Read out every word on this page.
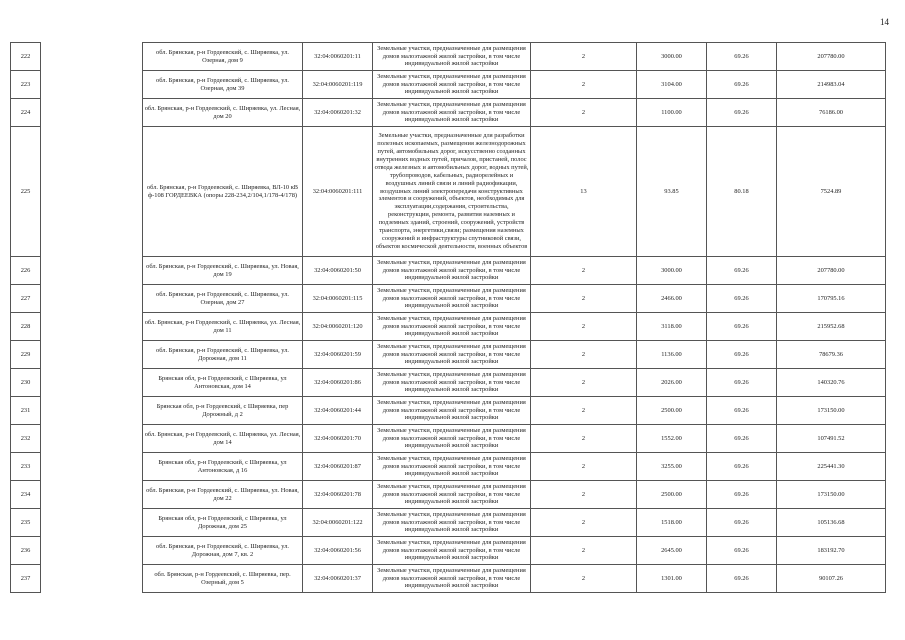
14
222		обл. Брянская, р-н Гордеевский, с. Ширяевка, ул. Озерная, дом 9	32:04:0060201:11	Земельные участки, предназначенные для размещения домов малоэтажной жилой застройки, в том числе индивидуальной жилой застройки	2	3000.00	69.26	207780.00
223		обл. Брянская, р-н Гордеевский, с. Ширяевка, ул. Озерная, дом 39	32:04:0060201:119	Земельные участки, предназначенные для размещения домов малоэтажной жилой застройки, в том числе индивидуальной жилой застройки	2	3104.00	69.26	214983.04
224		обл. Брянская, р-н Гордеевский, с. Ширяевка, ул. Лесная, дом 20	32:04:0060201:32	Земельные участки, предназначенные для размещения домов малоэтажной жилой застройки, в том числе индивидуальной жилой застройки	2	1100.00	69.26	76186.00
225		обл. Брянская, р-н Гордеевский, с. Ширяевка, ВЛ-10 кВ ф-108 ГОРДЕЕВКА (опоры 228-234,2/104,1/178-4/178)	32:04:0060201:111	Земельные участки, предназначенные для разработки полезных ископаемых, размещения железнодорожных путей, автомобильных дорог, искусственно созданных внутренних водных путей, причалов, пристаней, полос отвода железных и автомобильных дорог, водных путей, трубопроводов, кабельных, радиорелейных и воздушных линий связи и линий радиофикации, воздушных линий электропередачи конструктивных элементов и сооружений, объектов, необходимых для эксплуатации,содержания, строительства, реконструкции, ремонта, развития наземных и подземных зданий, строений, сооружений, устройств транспорта, энергетики,связи; размещения наземных сооружений и инфраструктуры спутниковой связи, объектов космической деятельности, военных объектов	13	93.85	80.18	7524.89
226		обл. Брянская, р-н Гордеевский, с. Ширяевка, ул. Новая, дом 19	32:04:0060201:50	Земельные участки, предназначенные для размещения домов малоэтажной жилой застройки, в том числе индивидуальной жилой застройки	2	3000.00	69.26	207780.00
227		обл. Брянская, р-н Гордеевский, с. Ширяевка, ул. Озерная, дом 27	32:04:0060201:115	Земельные участки, предназначенные для размещения домов малоэтажной жилой застройки, в том числе индивидуальной жилой застройки	2	2466.00	69.26	170795.16
228		обл. Брянская, р-н Гордеевский, с. Ширяевка, ул. Лесная, дом 11	32:04:0060201:120	Земельные участки, предназначенные для размещения домов малоэтажной жилой застройки, в том числе индивидуальной жилой застройки	2	3118.00	69.26	215952.68
229		обл. Брянская, р-н Гордеевский, с. Ширяевка, ул. Дорожная, дом 11	32:04:0060201:59	Земельные участки, предназначенные для размещения домов малоэтажной жилой застройки, в том числе индивидуальной жилой застройки	2	1136.00	69.26	78679.36
230		Брянская обл, р-н Гордеевский, с Ширяевка, ул Антоновская, дом 14	32:04:0060201:86	Земельные участки, предназначенные для размещения домов малоэтажной жилой застройки, в том числе индивидуальной жилой застройки	2	2026.00	69.26	140320.76
231		Брянская обл, р-н Гордеевский, с Ширяевка, пер Дорожный, д 2	32:04:0060201:44	Земельные участки, предназначенные для размещения домов малоэтажной жилой застройки, в том числе индивидуальной жилой застройки	2	2500.00	69.26	173150.00
232		обл. Брянская, р-н Гордеевский, с. Ширяевка, ул. Лесная, дом 14	32:04:0060201:70	Земельные участки, предназначенные для размещения домов малоэтажной жилой застройки, в том числе индивидуальной жилой застройки	2	1552.00	69.26	107491.52
233		Брянская обл, р-н Гордеевский, с Ширяевка, ул Антоновская, д 16	32:04:0060201:87	Земельные участки, предназначенные для размещения домов малоэтажной жилой застройки, в том числе индивидуальной жилой застройки	2	3255.00	69.26	225441.30
234		обл. Брянская, р-н Гордеевский, с. Ширяевка, ул. Новая, дом 22	32:04:0060201:78	Земельные участки, предназначенные для размещения домов малоэтажной жилой застройки, в том числе индивидуальной жилой застройки	2	2500.00	69.26	173150.00
235		Брянская обл, р-н Гордеевский, с Ширяевка, ул Дорожная, дом 25	32:04:0060201:122	Земельные участки, предназначенные для размещения домов малоэтажной жилой застройки, в том числе индивидуальной жилой застройки	2	1518.00	69.26	105136.68
236		обл. Брянская, р-н Гордеевский, с. Ширяевка, ул. Дорожная, дом 7, кв. 2	32:04:0060201:56	Земельные участки, предназначенные для размещения домов малоэтажной жилой застройки, в том числе индивидуальной жилой застройки	2	2645.00	69.26	183192.70
237		обл. Брянская, р-н Гордеевский, с. Ширяевка, пер. Озерный, дом 5	32:04:0060201:37	Земельные участки, предназначенные для размещения домов малоэтажной жилой застройки, в том числе индивидуальной жилой застройки	2	1301.00	69.26	90107.26
